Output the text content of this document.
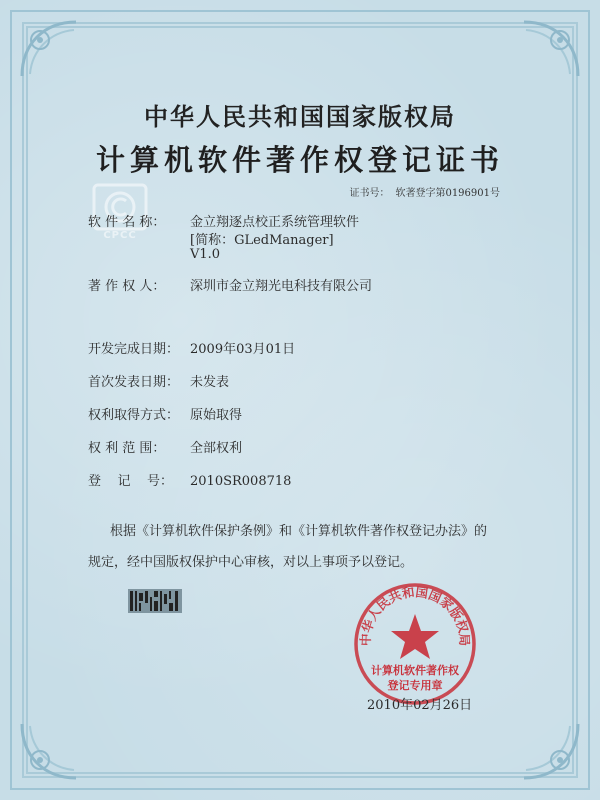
中华人民共和国国家版权局
计算机软件著作权登记证书
证书号： 软著登字第0196901号
CPCC
软 件 名 称： 金立翔逐点校正系统管理软件
[简称：GLedManager]
V1.0
著 作 权 人： 深圳市金立翔光电科技有限公司
开发完成日期： 2009年03月01日
首次发表日期： 未发表
权利取得方式： 原始取得
权 利 范 围： 全部权利
登    记    号： 2010SR008718
根据《计算机软件保护条例》和《计算机软件著作权登记办法》的
规定，经中国版权保护中心审核，对以上事项予以登记。
中华人民共和国国家版权局
计算机软件著作权
登记专用章
2010年02月26日
